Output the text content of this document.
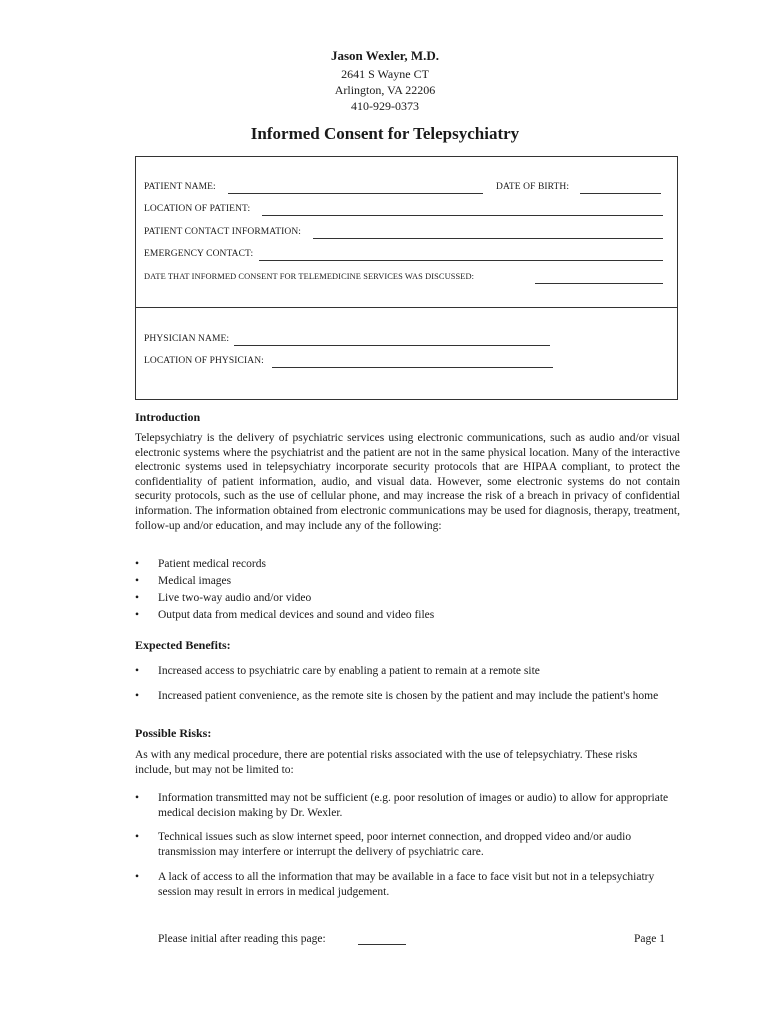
Jason Wexler, M.D.
2641 S Wayne CT
Arlington, VA 22206
410-929-0373
Informed Consent for Telepsychiatry
PATIENT NAME:	DATE OF BIRTH:
LOCATION OF PATIENT:
PATIENT CONTACT INFORMATION:
EMERGENCY CONTACT:
DATE THAT INFORMED CONSENT FOR TELEMEDICINE SERVICES WAS DISCUSSED:
PHYSICIAN NAME:
LOCATION OF PHYSICIAN:
Introduction

Telepsychiatry is the delivery of psychiatric services using electronic communications, such as audio and/or visual electronic systems where the psychiatrist and the patient are not in the same physical location. Many of the interactive electronic systems used in telepsychiatry incorporate security protocols that are HIPAA compliant, to protect the confidentiality of patient information, audio, and visual data. However, some electronic systems do not contain security protocols, such as the use of cellular phone, and may increase the risk of a breach in privacy of confidential information. The information obtained from electronic communications may be used for diagnosis, therapy, treatment, follow-up and/or education, and may include any of the following:

•	Patient medical records
•	Medical images
•	Live two-way audio and/or video
•	Output data from medical devices and sound and video files
Expected Benefits:
•	Increased access to psychiatric care by enabling a patient to remain at a remote site
•	Increased patient convenience, as the remote site is chosen by the patient and may include the patient's home
Possible Risks:

As with any medical procedure, there are potential risks associated with the use of telepsychiatry. These risks include, but may not be limited to:

•	Information transmitted may not be sufficient (e.g. poor resolution of images or audio) to allow for appropriate medical decision making by Dr. Wexler.
•	Technical issues such as slow internet speed, poor internet connection, and dropped video and/or audio transmission may interfere or interrupt the delivery of psychiatric care.
•	A lack of access to all the information that may be available in a face to face visit but not in a telepsychiatry session may result in errors in medical judgement.
Please initial after reading this page:	Page 1
